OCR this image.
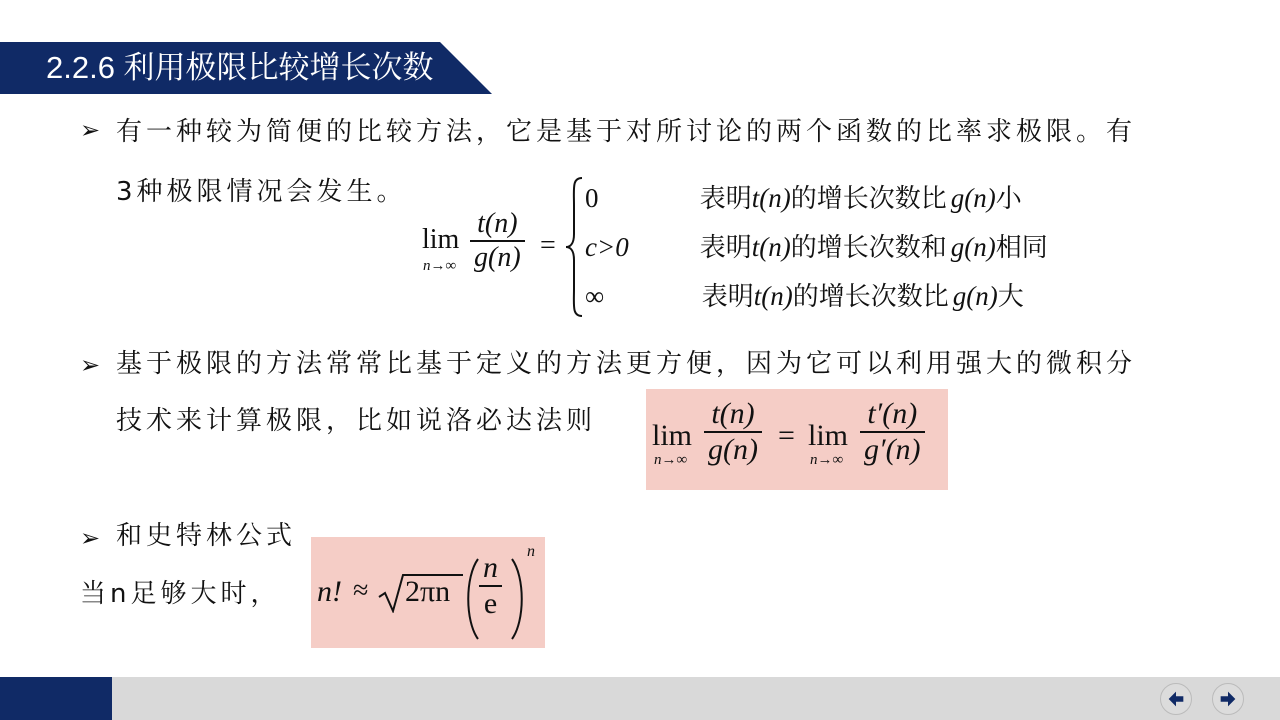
2.2.6 利用极限比较增长次数
➢ 有一种较为简便的比较方法，它是基于对所讨论的两个函数的比率求极限。有
3种极限情况会发生。
lim
$n\to\infty \frac{t(n)}{g(n)}$ =
0	表明t(n)的增长次数比 g(n)小
c>0	表明t(n)的增长次数和 g(n)相同
∞	表明t(n)的增长次数比 g(n)大
➢ 基于极限的方法常常比基于定义的方法更方便，因为它可以利用强大的微积分
技术来计算极限，比如说洛必达法则 lim
$n\to\infty \frac{t(n)}{g(n)} = \lim$
$n\to\infty \frac{t'(n)}{g'(n)}$
➢ 和史特林公式
当n足够大时， n! ≈ $2\pi n \frac{n}{e}$ n
